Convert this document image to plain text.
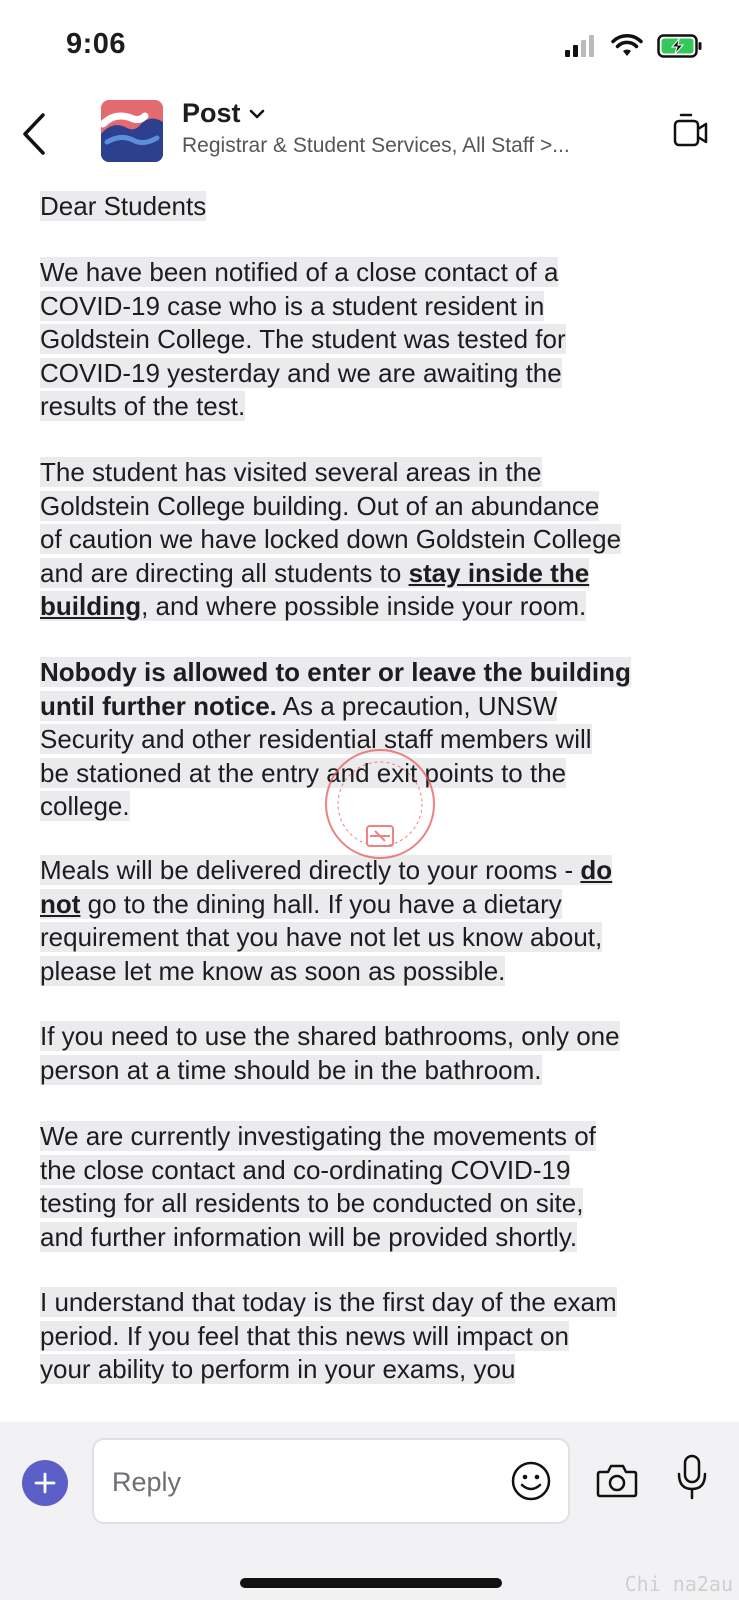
9:06
Post
Registrar & Student Services, All Staff >...
Dear Students
We have been notified of a close contact of a
COVID-19 case who is a student resident in
Goldstein College. The student was tested for
COVID-19 yesterday and we are awaiting the
results of the test.
The student has visited several areas in the
Goldstein College building. Out of an abundance
of caution we have locked down Goldstein College
and are directing all students to stay inside the
building, and where possible inside your room.
Nobody is allowed to enter or leave the building
until further notice. As a precaution, UNSW
Security and other residential staff members will
be stationed at the entry and exit points to the
college.
Meals will be delivered directly to your rooms - do
not go to the dining hall. If you have a dietary
requirement that you have not let us know about,
please let me know as soon as possible.
If you need to use the shared bathrooms, only one
person at a time should be in the bathroom.
We are currently investigating the movements of
the close contact and co-ordinating COVID-19
testing for all residents to be conducted on site,
and further information will be provided shortly.
I understand that today is the first day of the exam
period. If you feel that this news will impact on
your ability to perform in your exams, you
Reply
Chi na2au
